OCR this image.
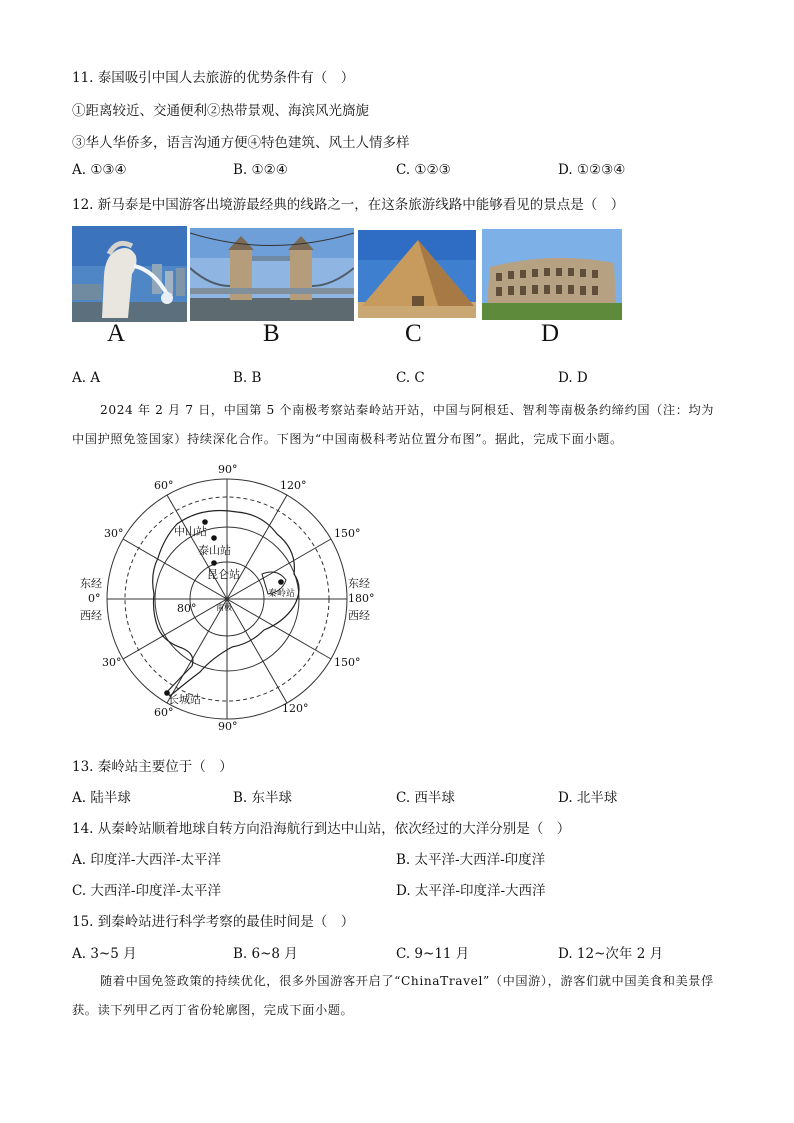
11. 泰国吸引中国人去旅游的优势条件有（　）
①距离较近、交通便利②热带景观、海滨风光旖旎
③华人华侨多，语言沟通方便④特色建筑、风土人情多样
A. ①③④	B. ①②④	C. ①②③	D. ①②③④
12. 新马泰是中国游客出境游最经典的线路之一，在这条旅游线路中能够看见的景点是（　）
A	B	C	D
A. A	B. B	C. C	D. D
2024 年 2 月 7 日，中国第 5 个南极考察站秦岭站开站，中国与阿根廷、智利等南极条约缔约国（注：均为中国护照免签国家）持续深化合作。下图为“中国南极科考站位置分布图”。据此，完成下面小题。
90°
120°
150°
东经
180°
西经
150°
120°
90°
60°
30°
东经
0°
西经
30°
60°
80° 南极
中山站
泰山站
昆仑站
秦岭站
长城站
13. 秦岭站主要位于（　）
A. 陆半球	B. 东半球	C. 西半球	D. 北半球
14. 从秦岭站顺着地球自转方向沿海航行到达中山站，依次经过的大洋分别是（　）
A. 印度洋-大西洋-太平洋	B. 太平洋-大西洋-印度洋
C. 大西洋-印度洋-太平洋	D. 太平洋-印度洋-大西洋
15. 到秦岭站进行科学考察的最佳时间是（　）
A. 3~5 月	B. 6~8 月	C. 9~11 月	D. 12~次年 2 月
随着中国免签政策的持续优化，很多外国游客开启了“ChinaTravel”（中国游），游客们就中国美食和美景俘获。读下列甲乙丙丁省份轮廓图，完成下面小题。
